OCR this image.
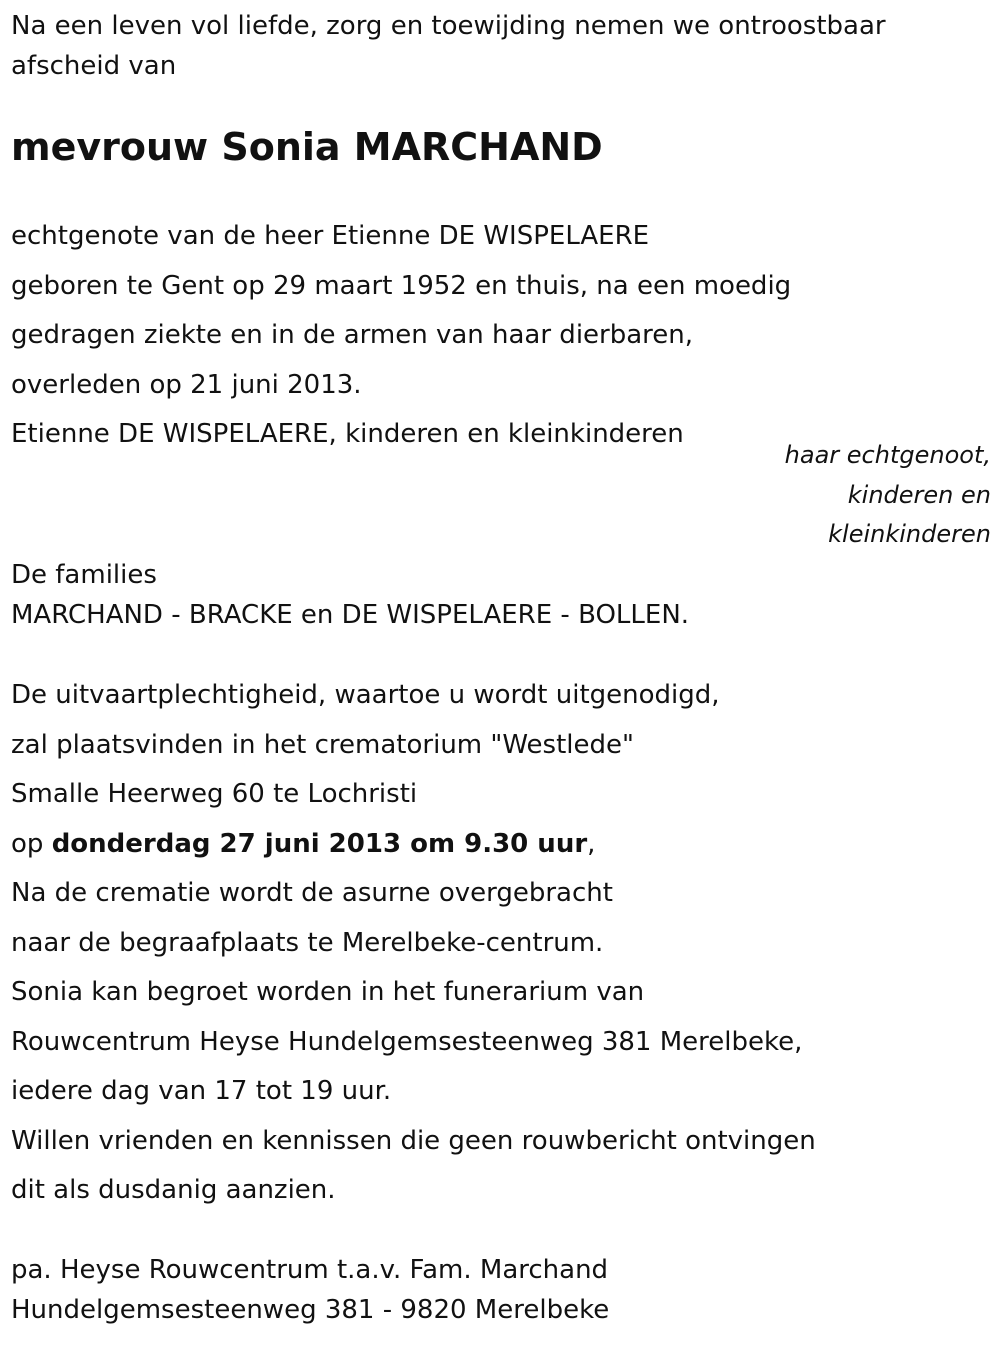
Na een leven vol liefde, zorg en toewijding nemen we ontroostbaar
afscheid van
mevrouw Sonia MARCHAND
echtgenote van de heer Etienne DE WISPELAERE
geboren te Gent op 29 maart 1952 en thuis, na een moedig
gedragen ziekte en in de armen van haar dierbaren,
overleden op 21 juni 2013.
Etienne DE WISPELAERE, kinderen en kleinkinderen
haar echtgenoot,
kinderen en
kleinkinderen
De families
MARCHAND - BRACKE en DE WISPELAERE - BOLLEN.
De uitvaartplechtigheid, waartoe u wordt uitgenodigd,
zal plaatsvinden in het crematorium "Westlede"
Smalle Heerweg 60 te Lochristi
op donderdag 27 juni 2013 om 9.30 uur,
Na de crematie wordt de asurne overgebracht
naar de begraafplaats te Merelbeke-centrum.
Sonia kan begroet worden in het funerarium van
Rouwcentrum Heyse Hundelgemsesteenweg 381 Merelbeke,
iedere dag van 17 tot 19 uur.
Willen vrienden en kennissen die geen rouwbericht ontvingen
dit als dusdanig aanzien.
pa. Heyse Rouwcentrum t.a.v. Fam. Marchand
Hundelgemsesteenweg 381 - 9820 Merelbeke
